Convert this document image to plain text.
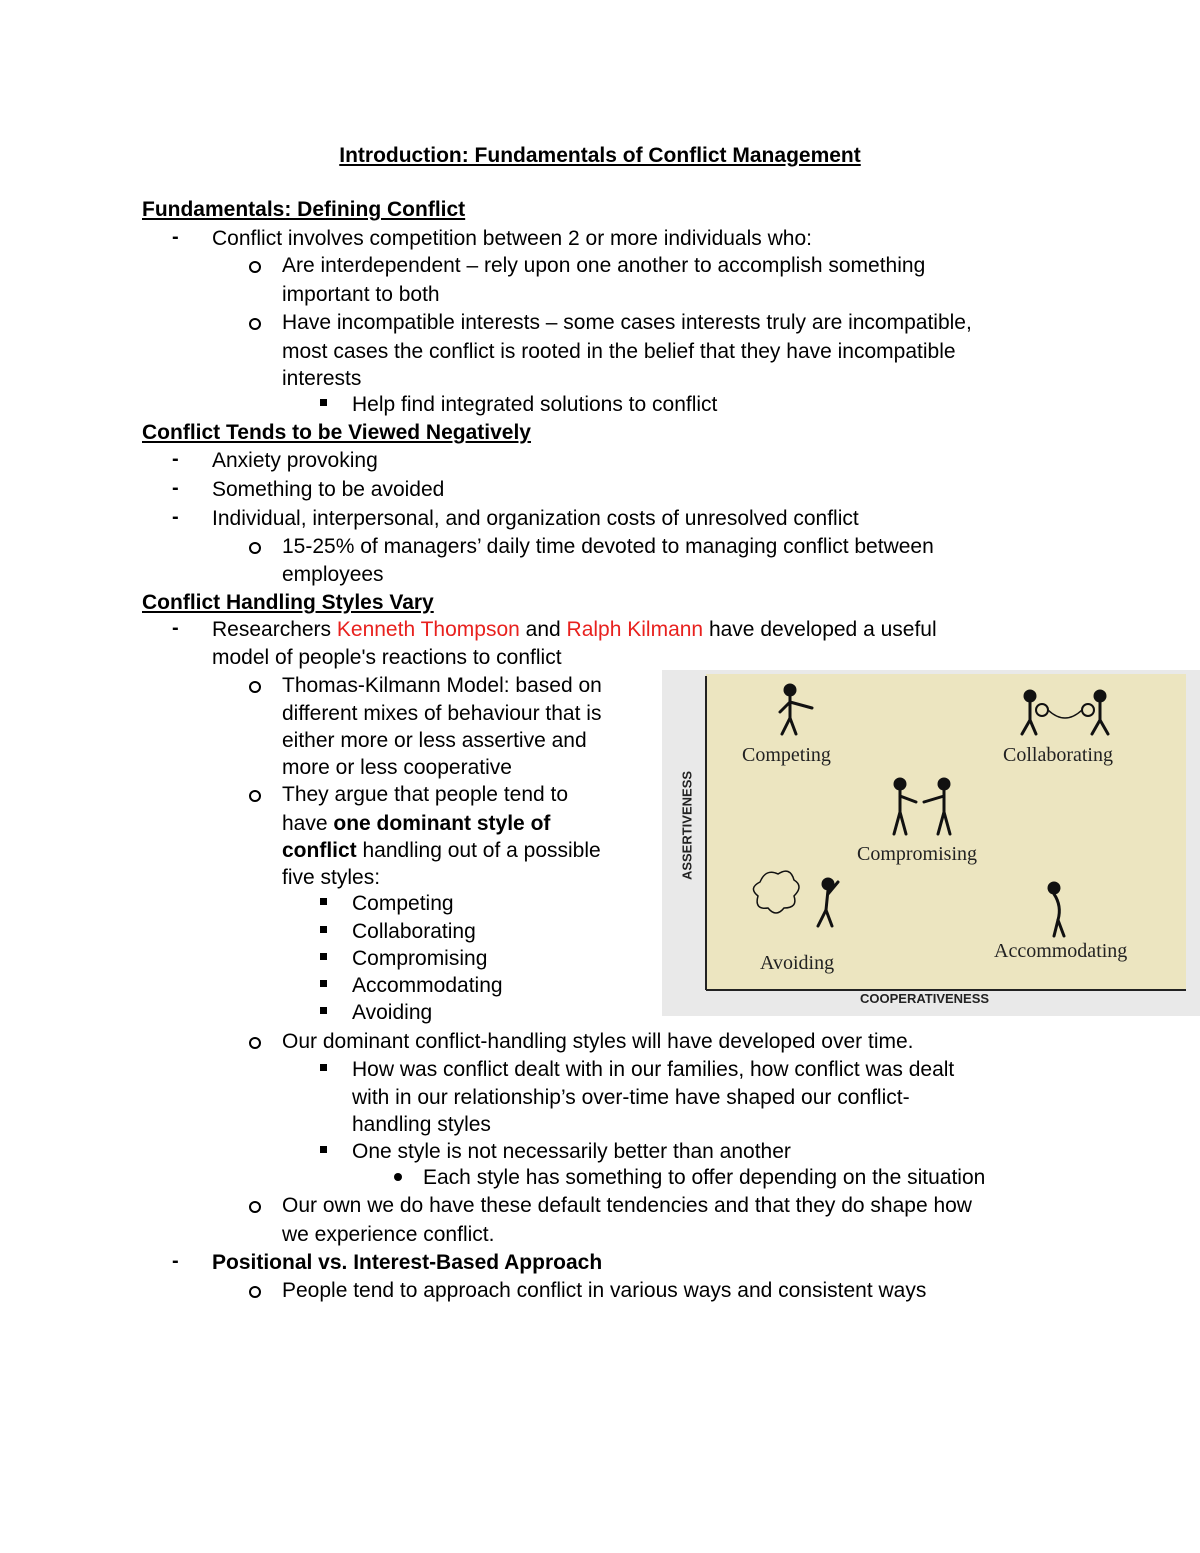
Introduction: Fundamentals of Conflict Management
Fundamentals: Defining Conflict
- Conflict involves competition between 2 or more individuals who:
Are interdependent – rely upon one another to accomplish something
important to both
Have incompatible interests – some cases interests truly are incompatible,
most cases the conflict is rooted in the belief that they have incompatible
interests
Help find integrated solutions to conflict
Conflict Tends to be Viewed Negatively
- Anxiety provoking
- Something to be avoided
- Individual, interpersonal, and organization costs of unresolved conflict
15-25% of managers’ daily time devoted to managing conflict between
employees
Conflict Handling Styles Vary
- Researchers Kenneth Thompson and Ralph Kilmann have developed a useful
model of people's reactions to conflict
Thomas-Kilmann Model: based on
different mixes of behaviour that is
either more or less assertive and
more or less cooperative
They argue that people tend to
have one dominant style of
conflict handling out of a possible
five styles:
Competing
Collaborating
Compromising
Accommodating
Avoiding
Our dominant conflict-handling styles will have developed over time.
How was conflict dealt with in our families, how conflict was dealt
with in our relationship’s over-time have shaped our conflict-
handling styles
One style is not necessarily better than another
Each style has something to offer depending on the situation
Our own we do have these default tendencies and that they do shape how
we experience conflict.
- Positional vs. Interest-Based Approach
People tend to approach conflict in various ways and consistent ways
Competing	Collaborating
Compromising
Avoiding
Accommodating
COOPERATIVENESS
ASSERTIVENESS
